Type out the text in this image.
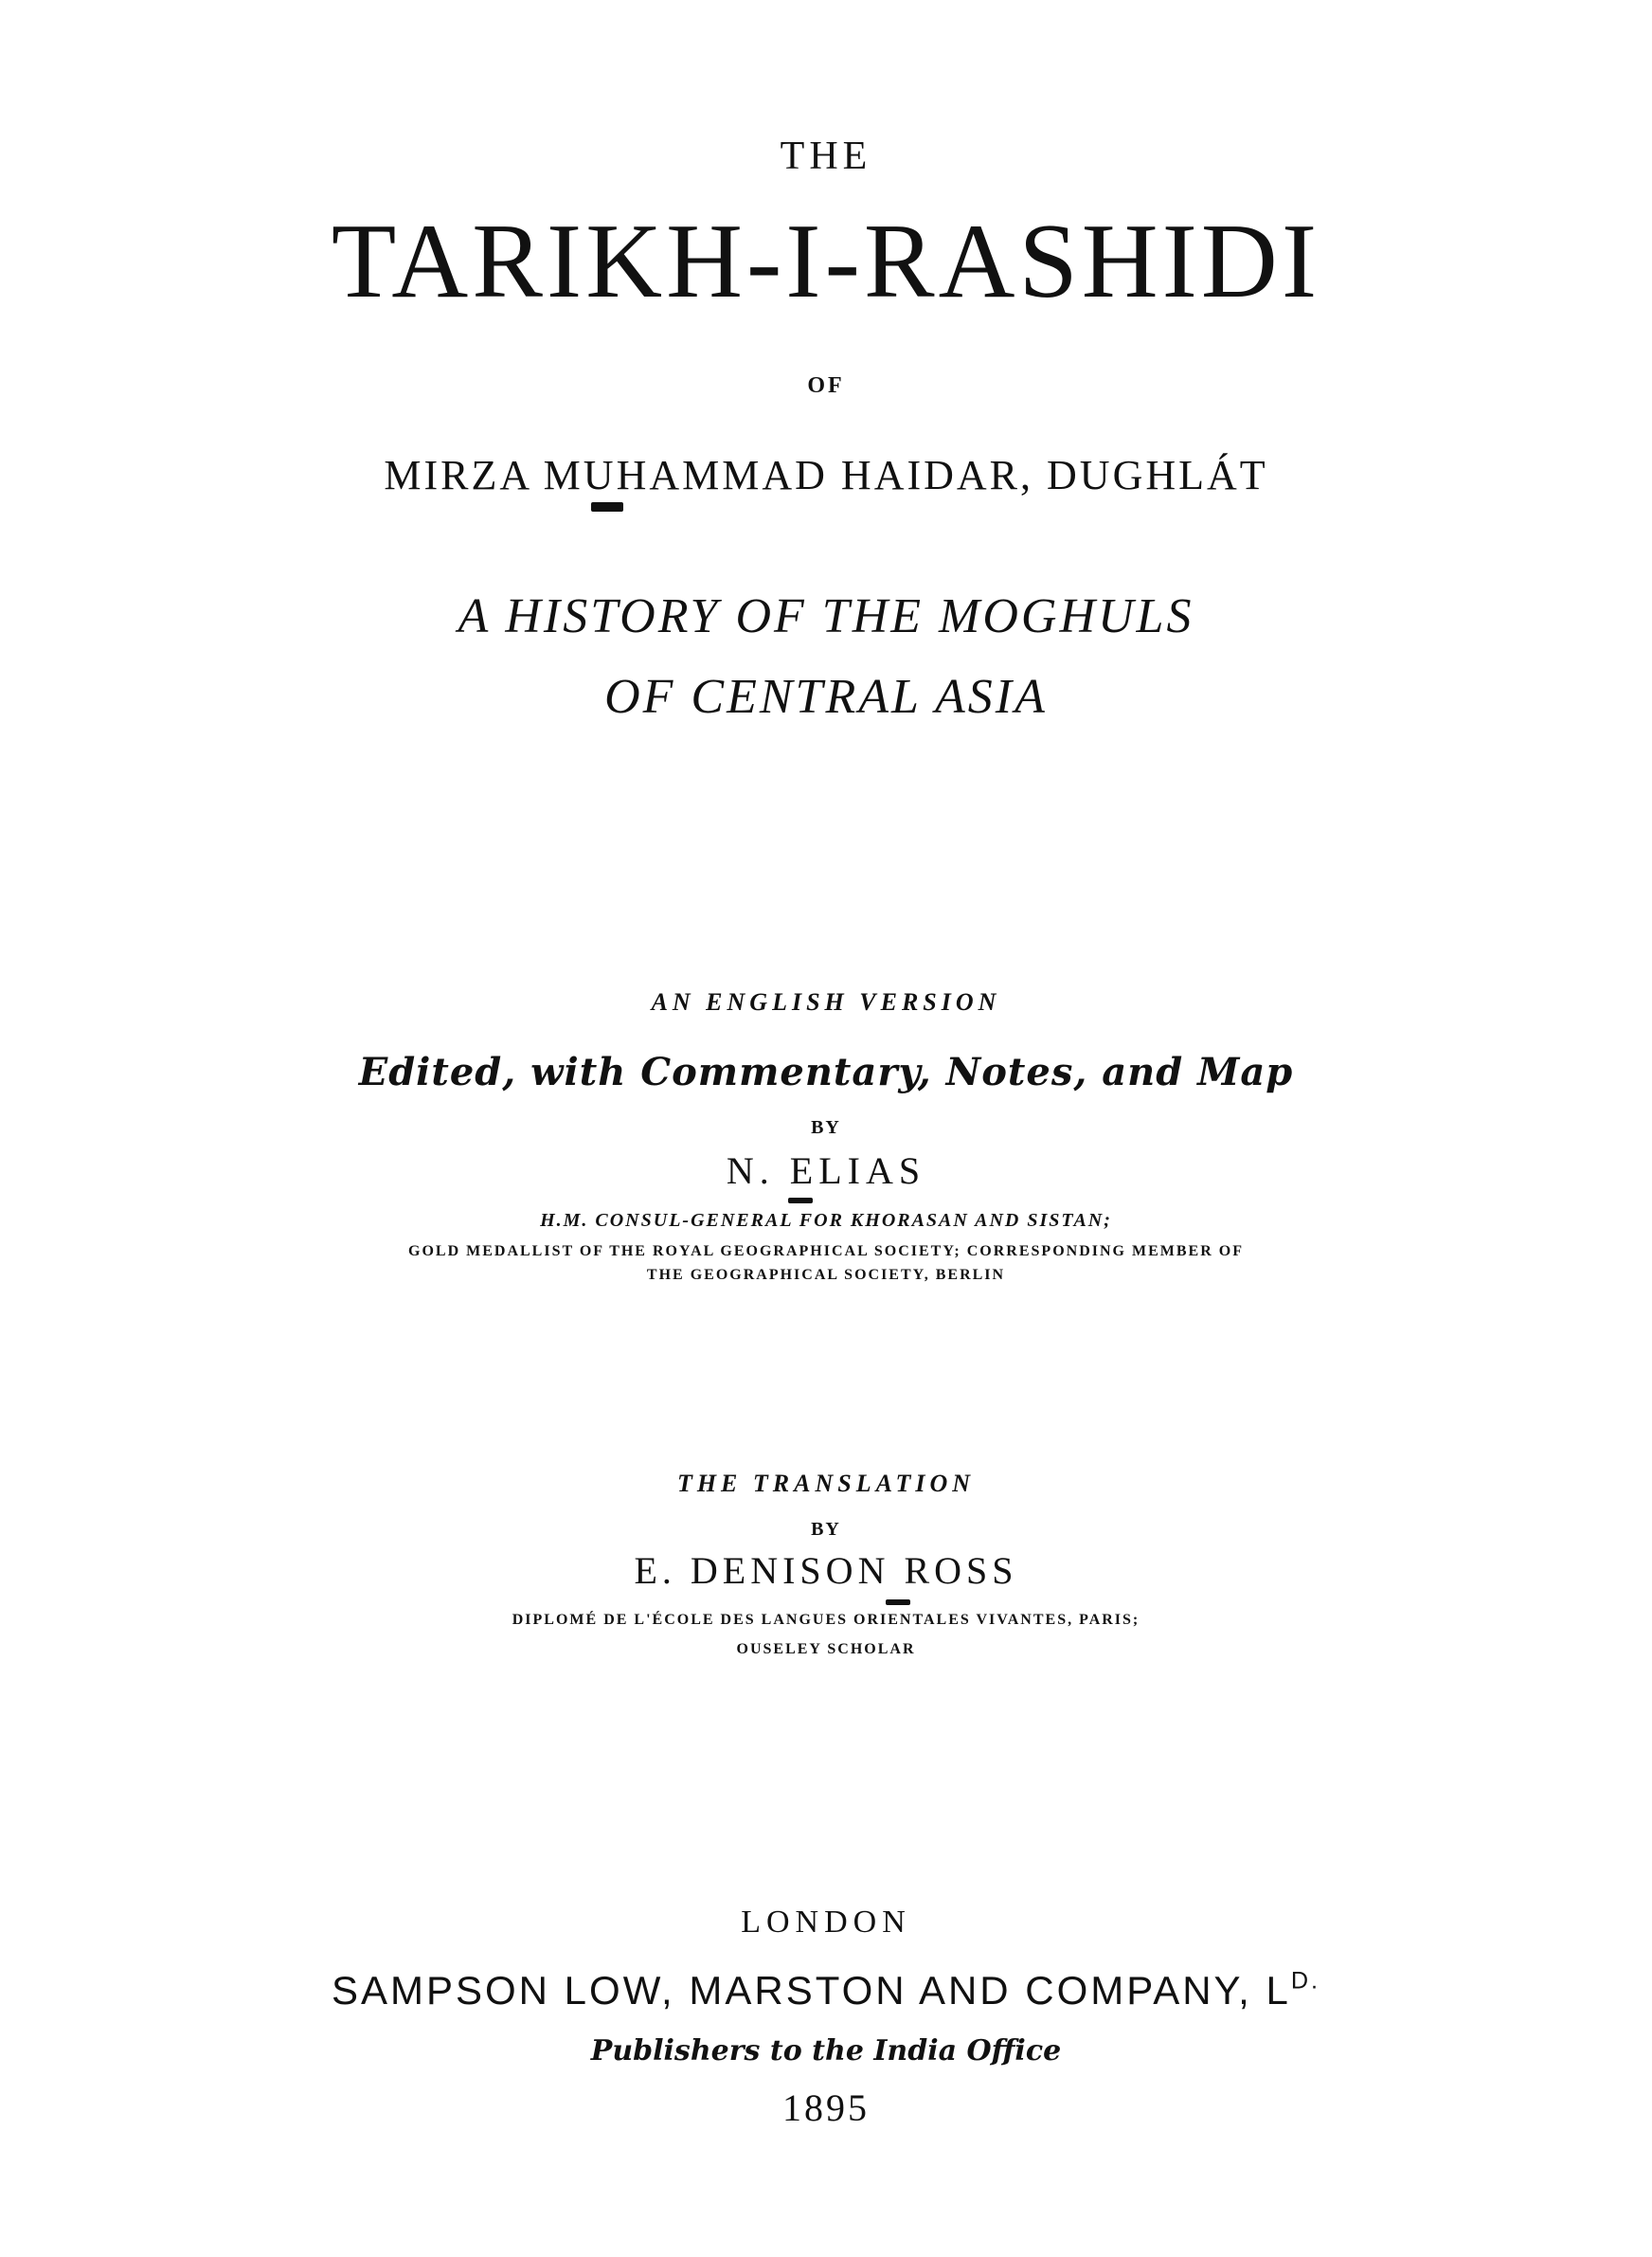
THE
TARIKH-I-RASHIDI
OF
MIRZA MUHAMMAD HAIDAR, DUGHLÁT
A HISTORY OF THE MOGHULS
OF CENTRAL ASIA
AN ENGLISH VERSION
Edited, with Commentary, Notes, and Map
BY
N. ELIAS
H.M. CONSUL-GENERAL FOR KHORASAN AND SISTAN;
GOLD MEDALLIST OF THE ROYAL GEOGRAPHICAL SOCIETY; CORRESPONDING MEMBER OF
THE GEOGRAPHICAL SOCIETY, BERLIN
THE TRANSLATION
BY
E. DENISON ROSS
DIPLOMÉ DE L'ÉCOLE DES LANGUES ORIENTALES VIVANTES, PARIS;
OUSELEY SCHOLAR
LONDON
SAMPSON LOW, MARSTON AND COMPANY, $L^{D.}$
Publishers to the India Office
1895
